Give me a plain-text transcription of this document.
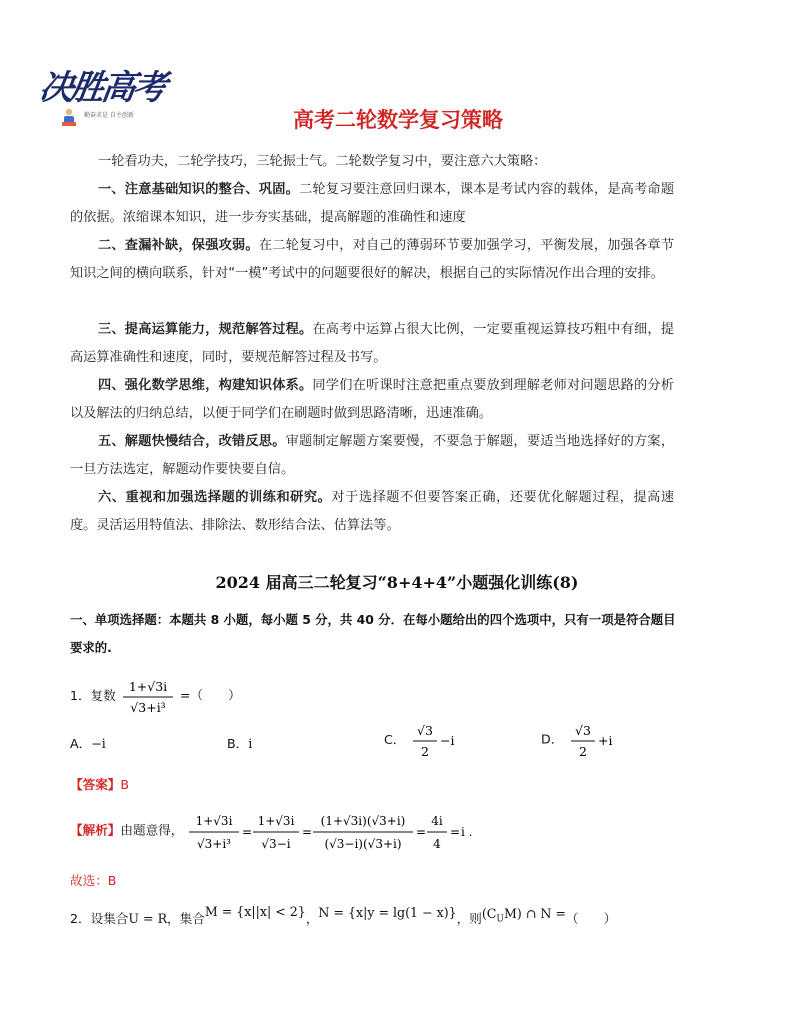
决胜高考
勤奋求是 自主创新	高考二轮数学复习策略
一轮看功夫，二轮学技巧，三轮振士气。二轮数学复习中，要注意六大策略：
一、注意基础知识的整合、巩固。二轮复习要注意回归课本，课本是考试内容的载体，是高考命题的依据。浓缩课本知识，进一步夯实基础，提高解题的准确性和速度
二、查漏补缺，保强攻弱。在二轮复习中，对自己的薄弱环节要加强学习，平衡发展，加强各章节知识之间的横向联系，针对“一模”考试中的问题要很好的解决，根据自己的实际情况作出合理的安排。
三、提高运算能力，规范解答过程。在高考中运算占很大比例，一定要重视运算技巧粗中有细，提高运算准确性和速度，同时，要规范解答过程及书写。
四、强化数学思维，构建知识体系。同学们在听课时注意把重点要放到理解老师对问题思路的分析以及解法的归纳总结，以便于同学们在刷题时做到思路清晰，迅速准确。
五、解题快慢结合，改错反思。审题制定解题方案要慢，不要急于解题，要适当地选择好的方案，一旦方法选定，解题动作要快要自信。
六、重视和加强选择题的训练和研究。对于选择题不但要答案正确，还要优化解题过程，提高速度。灵活运用特值法、排除法、数形结合法、估算法等。
2024 届高三二轮复习“8+4+4”小题强化训练(8)
一、单项选择题：本题共 8 小题，每小题 5 分，共 40 分．在每小题给出的四个选项中，只有一项是符合题目要求的.
1．复数
1+√3i
√3+i³
=（　　）
A．−i	B．i	C．
√3
2
−i	D．
√3
2
+i
【答案】B
【解析】由题意得，
1+√3i
√3+i³
=
1+√3i
√3−i
=
(1+√3i)(√3+i)
(√3−i)(√3+i)
=
4i
4
= i .
故选：B
2．设集合U = R，集合M = {x||x| < 2}，N = {x|y = lg(1 − x)}，则$(C_UM)$ ∩ N =（　　）
